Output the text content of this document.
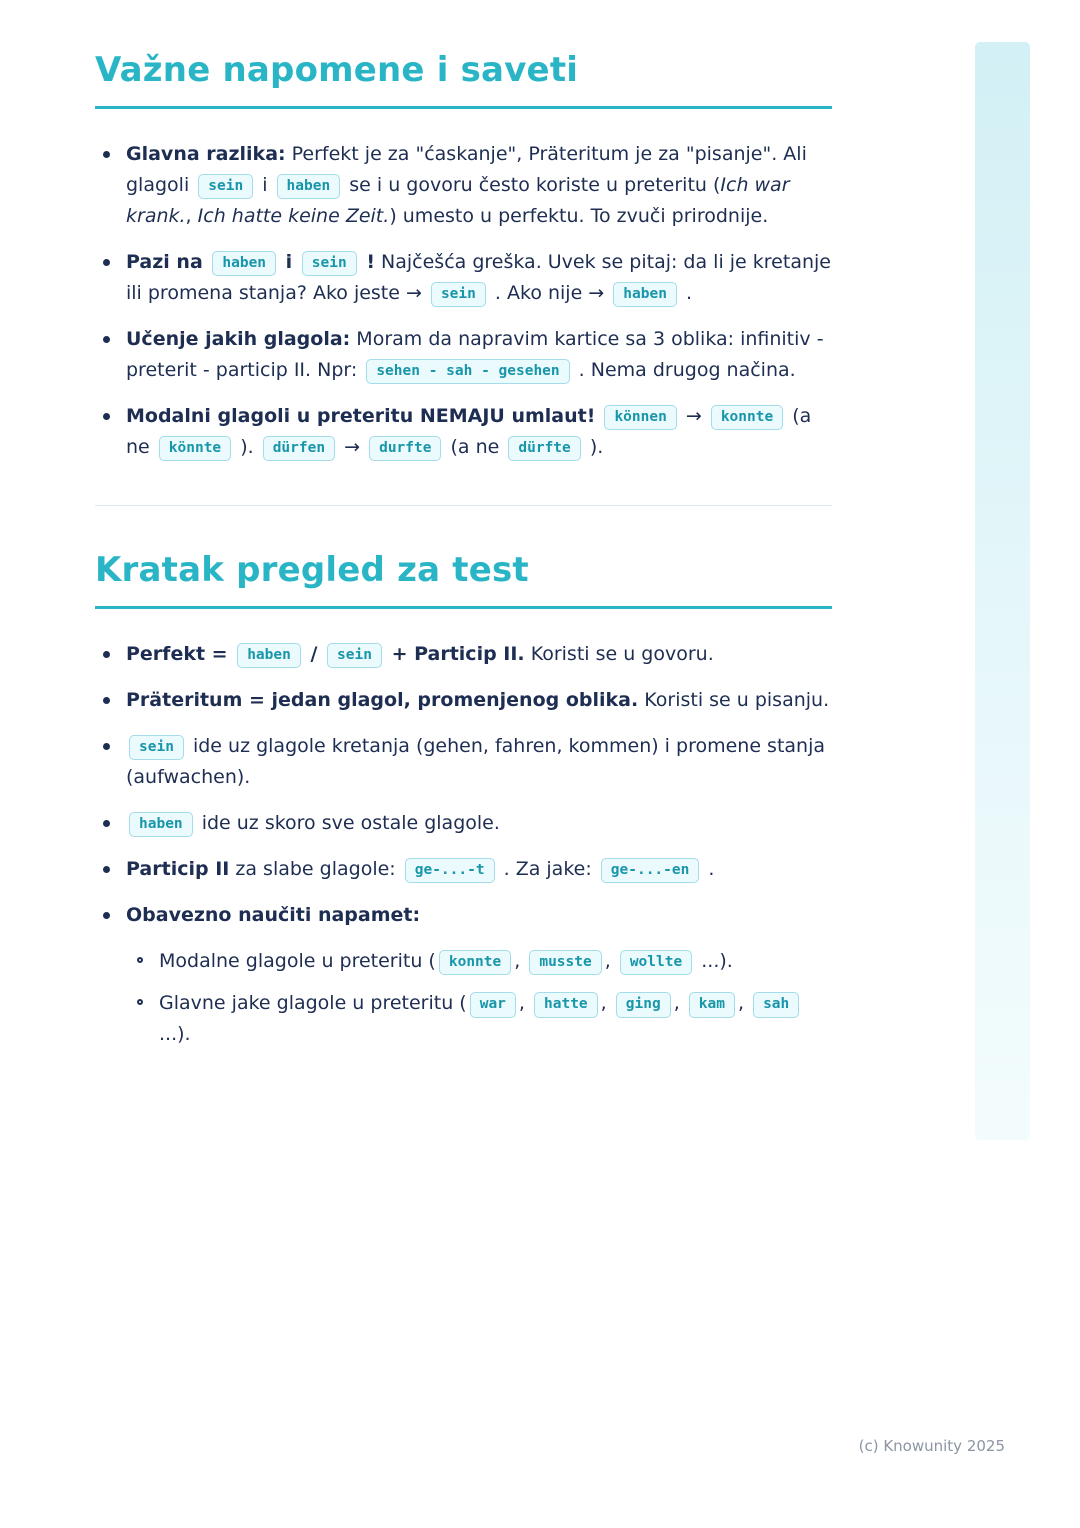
Važne napomene i saveti
Glavna razlika: Perfekt je za "ćaskanje", Präteritum je za "pisanje". Ali glagoli sein i haben se i u govoru često koriste u preteritu (Ich war krank., Ich hatte keine Zeit.) umesto u perfektu. To zvuči prirodnije.
Pazi na haben i sein ! Najčešća greška. Uvek se pitaj: da li je kretanje ili promena stanja? Ako jeste → sein . Ako nije → haben .
Učenje jakih glagola: Moram da napravim kartice sa 3 oblika: infinitiv - preterit - particip II. Npr: sehen - sah - gesehen . Nema drugog načina.
Modalni glagoli u preteritu NEMAJU umlaut! können → konnte (a ne könnte ). dürfen → durfte (a ne dürfte ).
Kratak pregled za test
Perfekt = haben / sein + Particip II. Koristi se u govoru.
Präteritum = jedan glagol, promenjenog oblika. Koristi se u pisanju.
sein ide uz glagole kretanja (gehen, fahren, kommen) i promene stanja (aufwachen).
haben ide uz skoro sve ostale glagole.
Particip II za slabe glagole: ge-...-t . Za jake: ge-...-en .
Obavezno naučiti napamet:
Modalne glagole u preteritu ( konnte , musste , wollte ...).
Glavne jake glagole u preteritu ( war , hatte , ging , kam , sah ...).
(c) Knowunity 2025
